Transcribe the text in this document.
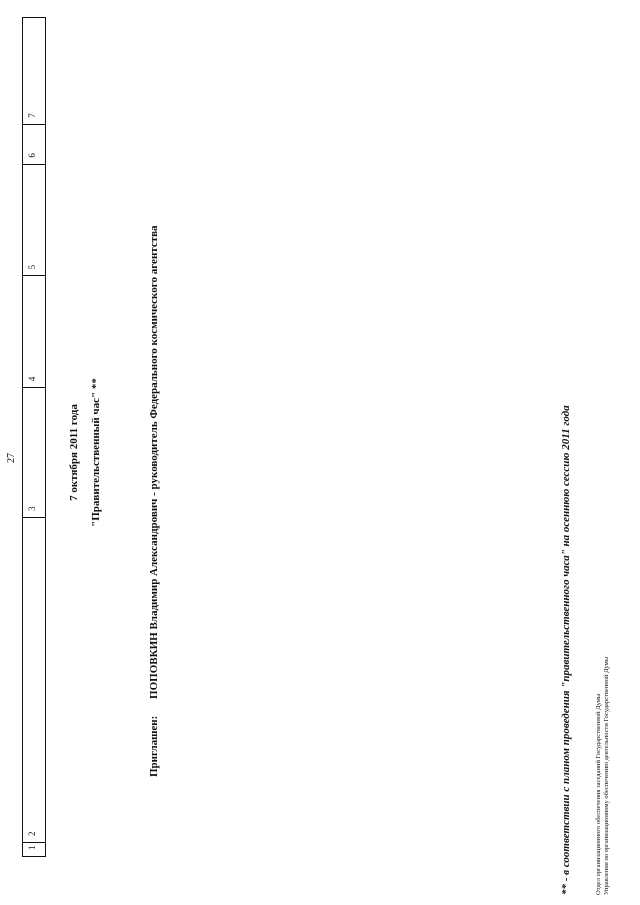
27
1
2
3
4
5
6
7
7 октября 2011 года "Правительственный час" **
Приглашен: ПОПОВКИН Владимир Александрович - руководитель Федерального космического агентства	** - в соответствии с планом проведения "правительственного часа" на осеннюю сессию 2011 года	Отдел организационного обеспечения заседаний Государственной Думы Управления по организационному обеспечению деятельности Государственной Думы
